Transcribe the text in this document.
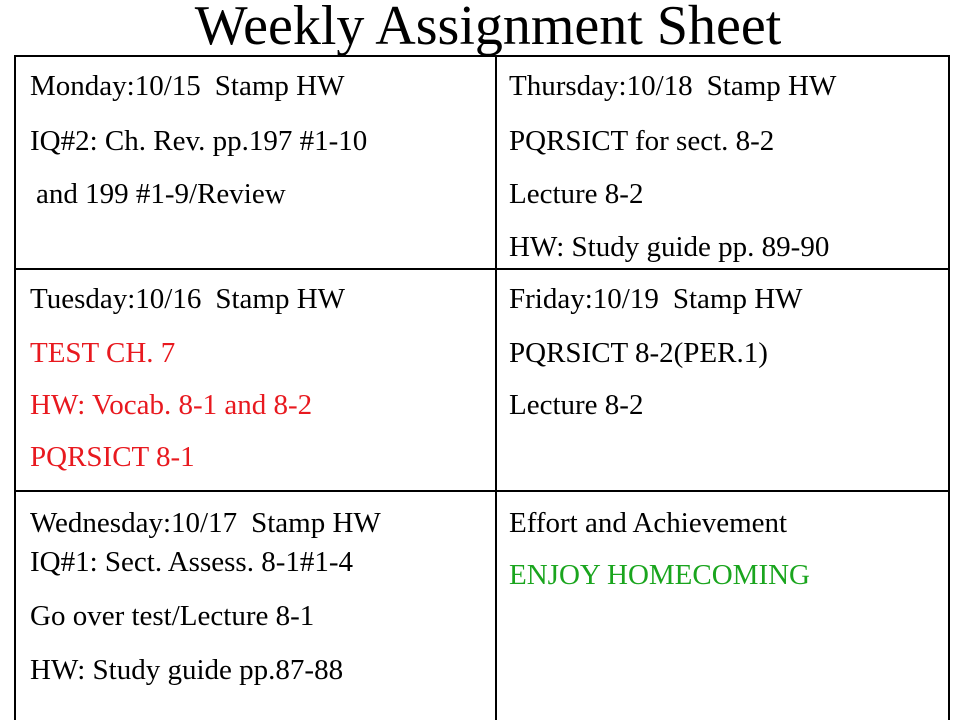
Weekly Assignment Sheet
Monday:10/15 Stamp HW
IQ#2: Ch. Rev. pp.197 #1-10
and 199 #1-9/Review
Thursday:10/18 Stamp HW
PQRSICT for sect. 8-2
Lecture 8-2
HW: Study guide pp. 89-90
Tuesday:10/16 Stamp HW
TEST CH. 7
HW: Vocab. 8-1 and 8-2
PQRSICT 8-1
Friday:10/19 Stamp HW
PQRSICT 8-2(PER.1)
Lecture 8-2
Wednesday:10/17 Stamp HW
IQ#1: Sect. Assess. 8-1#1-4
Go over test/Lecture 8-1
HW: Study guide pp.87-88
Effort and Achievement
ENJOY HOMECOMING
